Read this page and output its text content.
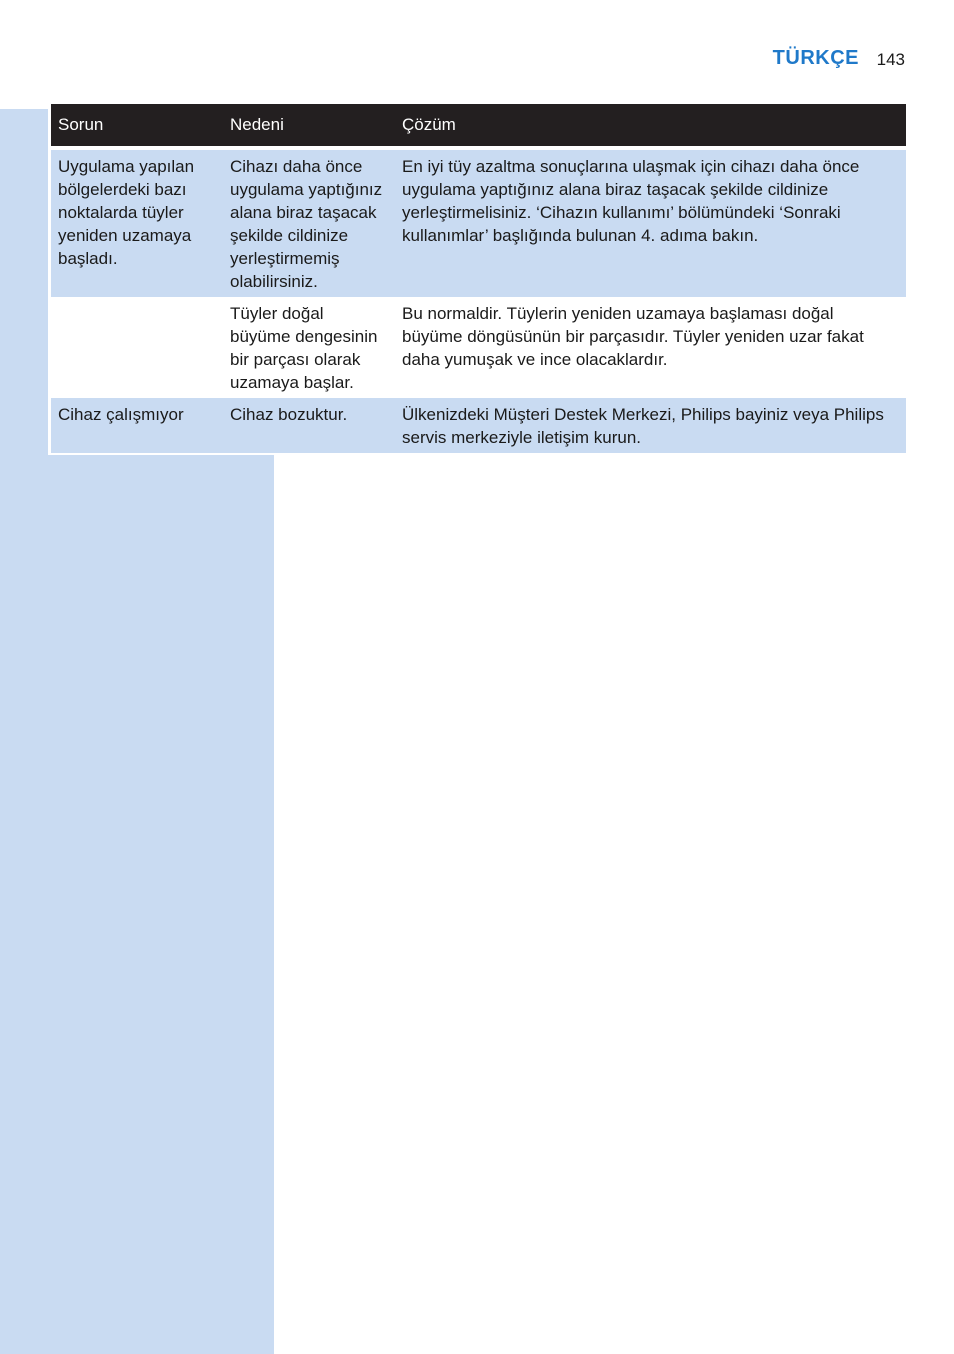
TÜRKÇE 143
Sorun	Nedeni	Çözüm
Uygulama yapılan bölgelerdeki bazı noktalarda tüyler yeniden uzamaya başladı.	Cihazı daha önce uygulama yaptığınız alana biraz taşacak şekilde cildinize yerleştirmemiş olabilirsiniz.	En iyi tüy azaltma sonuçlarına ulaşmak için cihazı daha önce uygulama yaptığınız alana biraz taşacak şekilde cildinize yerleştirmelisiniz. ‘Cihazın kullanımı’ bölümündeki ‘Sonraki kullanımlar’ başlığında bulunan 4. adıma bakın.
	Tüyler doğal büyüme dengesinin bir parçası olarak uzamaya başlar.	Bu normaldir. Tüylerin yeniden uzamaya başlaması doğal büyüme döngüsünün bir parçasıdır. Tüyler yeniden uzar fakat daha yumuşak ve ince olacaklardır.
Cihaz çalışmıyor	Cihaz bozuktur.	Ülkenizdeki Müşteri Destek Merkezi, Philips bayiniz veya Philips servis merkeziyle iletişim kurun.
